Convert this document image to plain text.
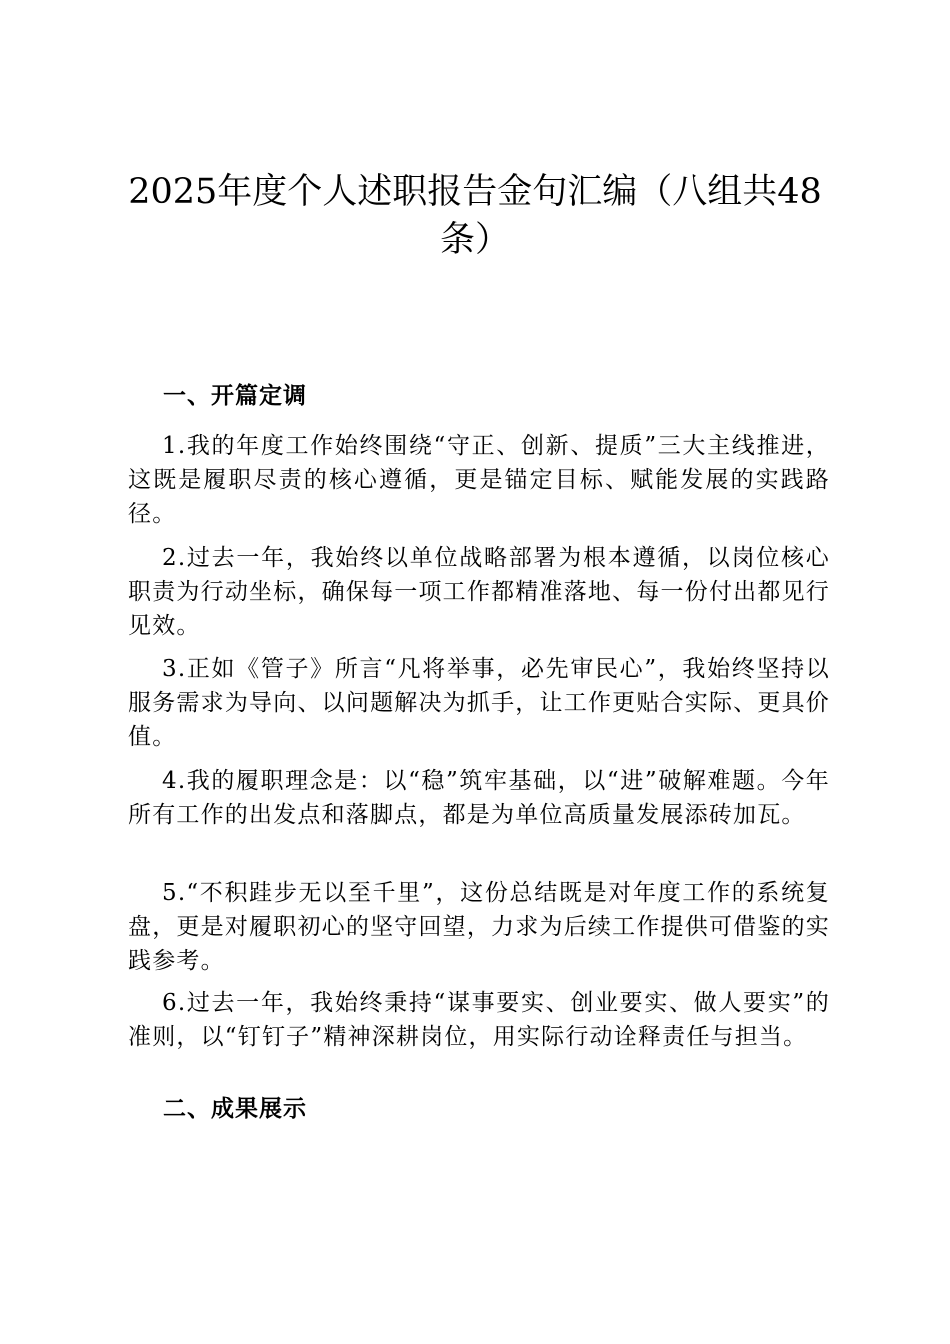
2025年度个人述职报告金句汇编（八组共48条）
一、开篇定调

1.我的年度工作始终围绕“守正、创新、提质”三大主线推进，这既是履职尽责的核心遵循，更是锚定目标、赋能发展的实践路径。

2.过去一年，我始终以单位战略部署为根本遵循，以岗位核心职责为行动坐标，确保每一项工作都精准落地、每一份付出都见行见效。

3.正如《管子》所言“凡将举事，必先审民心”，我始终坚持以服务需求为导向、以问题解决为抓手，让工作更贴合实际、更具价值。

4.我的履职理念是：以“稳”筑牢基础，以“进”破解难题。今年所有工作的出发点和落脚点，都是为单位高质量发展添砖加瓦。

5.“不积跬步无以至千里”，这份总结既是对年度工作的系统复盘，更是对履职初心的坚守回望，力求为后续工作提供可借鉴的实践参考。

6.过去一年，我始终秉持“谋事要实、创业要实、做人要实”的准则，以“钉钉子”精神深耕岗位，用实际行动诠释责任与担当。

二、成果展示
